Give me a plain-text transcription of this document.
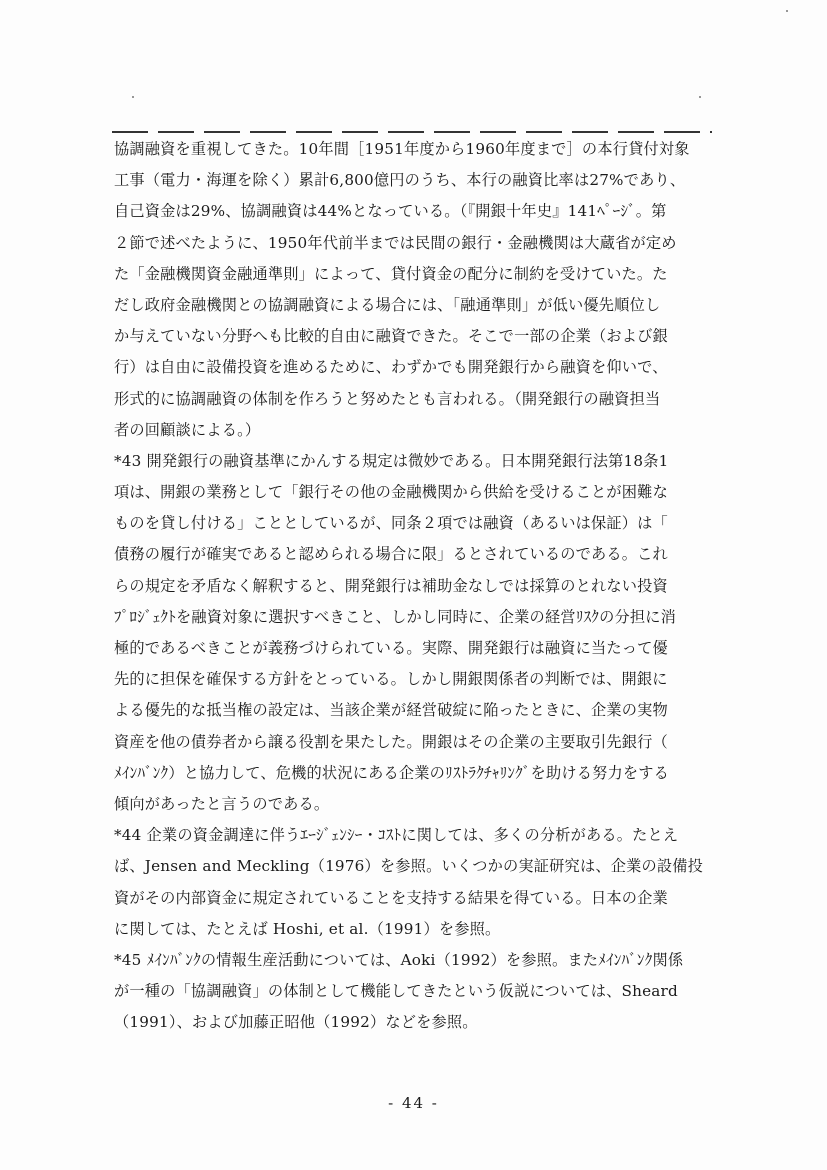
協調融資を重視してきた。10年間［1951年度から1960年度まで］の本行貸付対象
工事（電力・海運を除く）累計6,800億円のうち、本行の融資比率は27%であり、
自己資金は29%、協調融資は44%となっている。（『開銀十年史』141ﾍﾟｰｼﾞ。第
２節で述べたように、1950年代前半までは民間の銀行・金融機関は大蔵省が定め
た「金融機関資金融通準則」によって、貸付資金の配分に制約を受けていた。た
だし政府金融機関との協調融資による場合には、「融通準則」が低い優先順位し
か与えていない分野へも比較的自由に融資できた。そこで一部の企業（および銀
行）は自由に設備投資を進めるために、わずかでも開発銀行から融資を仰いで、
形式的に協調融資の体制を作ろうと努めたとも言われる。（開発銀行の融資担当
者の回顧談による。）
*43 開発銀行の融資基準にかんする規定は微妙である。日本開発銀行法第18条1
項は、開銀の業務として「銀行その他の金融機関から供給を受けることが困難な
ものを貸し付ける」こととしているが、同条２項では融資（あるいは保証）は「
債務の履行が確実であると認められる場合に限」るとされているのである。これ
らの規定を矛盾なく解釈すると、開発銀行は補助金なしでは採算のとれない投資
ﾌﾟﾛｼﾞｪｸﾄを融資対象に選択すべきこと、しかし同時に、企業の経営ﾘｽｸの分担に消
極的であるべきことが義務づけられている。実際、開発銀行は融資に当たって優
先的に担保を確保する方針をとっている。しかし開銀関係者の判断では、開銀に
よる優先的な抵当権の設定は、当該企業が経営破綻に陥ったときに、企業の実物
資産を他の債券者から譲る役割を果たした。開銀はその企業の主要取引先銀行（
ﾒｲﾝﾊﾞﾝｸ）と協力して、危機的状況にある企業のﾘｽﾄﾗｸﾁｬﾘﾝｸﾞを助ける努力をする
傾向があったと言うのである。
*44 企業の資金調達に伴うｴｰｼﾞｪﾝｼｰ・ｺｽﾄに関しては、多くの分析がある。たとえ
ば、Jensen and Meckling（1976）を参照。いくつかの実証研究は、企業の設備投
資がその内部資金に規定されていることを支持する結果を得ている。日本の企業
に関しては、たとえば Hoshi, et al.（1991）を参照。
*45 ﾒｲﾝﾊﾞﾝｸの情報生産活動については、Aoki（1992）を参照。またﾒｲﾝﾊﾞﾝｸ関係
が一種の「協調融資」の体制として機能してきたという仮説については、Sheard
（1991）、および加藤正昭他（1992）などを参照。
- 44 -
